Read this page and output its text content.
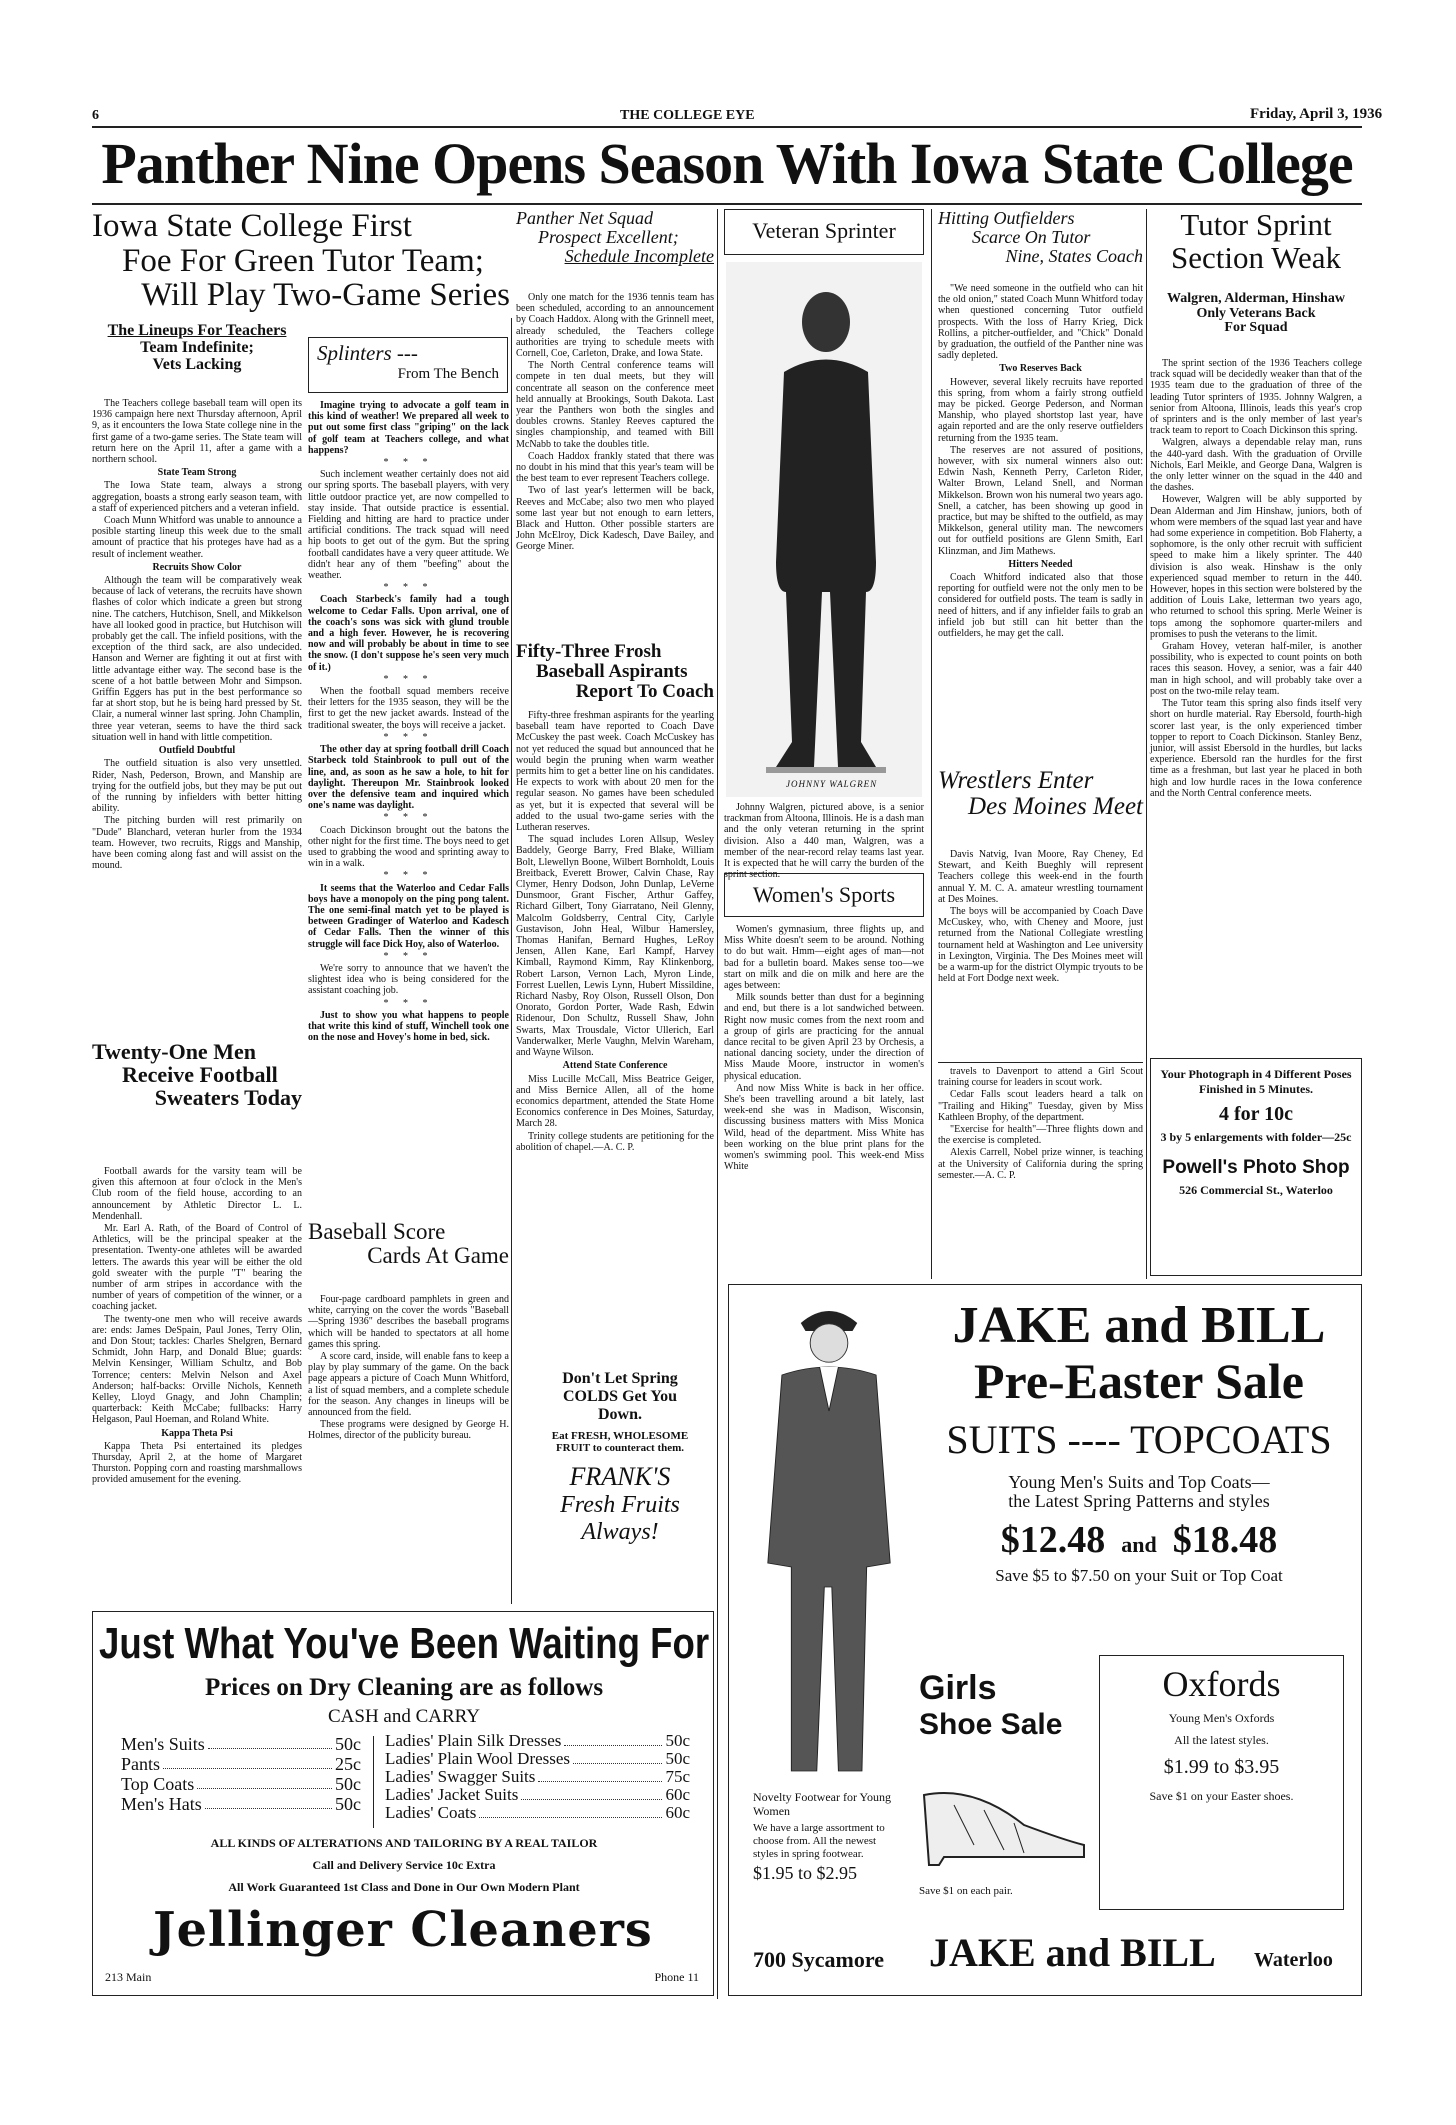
6	THE COLLEGE EYE	Friday, April 3, 1936
Panther Nine Opens Season With Iowa State College
Iowa State College First
Foe For Green Tutor Team;
Will Play Two-Game Series
The Lineups For Teachers
Team Indefinite;
Vets Lacking

The Teachers college baseball team will open its 1936 campaign here next Thursday afternoon, April 9, as it encounters the Iowa State college nine in the first game of a two-game series. The State team will return here on the April 11, after a game with a northern school.

State Team Strong

The Iowa State team, always a strong aggregation, boasts a strong early season team, with a staff of experienced pitchers and a veteran infield.

Coach Munn Whitford was unable to announce a posible starting lineup this week due to the small amount of practice that his proteges have had as a result of inclement weather.

Recruits Show Color

Although the team will be comparatively weak because of lack of veterans, the recruits have shown flashes of color which indicate a green but strong nine. The catchers, Hutchison, Snell, and Mikkelson have all looked good in practice, but Hutchison will probably get the call. The infield positions, with the exception of the third sack, are also undecided. Hanson and Werner are fighting it out at first with little advantage either way. The second base is the scene of a hot battle between Mohr and Simpson. Griffin Eggers has put in the best performance so far at short stop, but he is being hard pressed by St. Clair, a numeral winner last spring. John Champlin, three year veteran, seems to have the third sack situation well in hand with little competition.

Outfield Doubtful

The outfield situation is also very unsettled. Rider, Nash, Pederson, Brown, and Manship are trying for the outfield jobs, but they may be put out of the running by infielders with better hitting ability.

The pitching burden will rest primarily on "Dude" Blanchard, veteran hurler from the 1934 team. However, two recruits, Riggs and Manship, have been coming along fast and will assist on the mound.

Twenty-One Men
Receive Football
Sweaters Today

Football awards for the varsity team will be given this afternoon at four o'clock in the Men's Club room of the field house, according to an announcement by Athletic Director L. L. Mendenhall.

Mr. Earl A. Rath, of the Board of Control of Athletics, will be the principal speaker at the presentation. Twenty-one athletes will be awarded letters. The awards this year will be either the old gold sweater with the purple "T" bearing the number of arm stripes in accordance with the number of years of competition of the winner, or a coaching jacket.

The twenty-one men who will receive awards are: ends: James DeSpain, Paul Jones, Terry Olin, and Don Stout; tackles: Charles Shelgren, Bernard Schmidt, John Harp, and Donald Blue; guards: Melvin Kensinger, William Schultz, and Bob Torrence; centers: Melvin Nelson and Axel Anderson; half-backs: Orville Nichols, Kenneth Kelley, Lloyd Gnagy, and John Champlin; quarterback: Keith McCabe; fullbacks: Harry Helgason, Paul Hoeman, and Roland White.

Kappa Theta Psi

Kappa Theta Psi entertained its pledges Thursday, April 2, at the home of Margaret Thurston. Popping corn and roasting marshmallows provided amusement for the evening.

Splinters ---
From The Bench

Imagine trying to advocate a golf team in this kind of weather! We prepared all week to put out some first class "griping" on the lack of golf team at Teachers college, and what happens?

* * *

Such inclement weather certainly does not aid our spring sports. The baseball players, with very little outdoor practice yet, are now compelled to stay inside. That outside practice is essential. Fielding and hitting are hard to practice under artificial conditions. The track squad will need hip boots to get out of the gym. But the spring football candidates have a very queer attitude. We didn't hear any of them "beefing" about the weather.

* * *

Coach Starbeck's family had a tough welcome to Cedar Falls. Upon arrival, one of the coach's sons was sick with glund trouble and a high fever. However, he is recovering now and will probably be about in time to see the snow. (I don't suppose he's seen very much of it.)

* * *

When the football squad members receive their letters for the 1935 season, they will be the first to get the new jacket awards. Instead of the traditional sweater, the boys will receive a jacket.

* * *

The other day at spring football drill Coach Starbeck told Stainbrook to pull out of the line, and, as soon as he saw a hole, to hit for daylight. Thereupon Mr. Stainbrook looked over the defensive team and inquired which one's name was daylight.

* * *

Coach Dickinson brought out the batons the other night for the first time. The boys need to get used to grabbing the wood and sprinting away to win in a walk.

* * *

It seems that the Waterloo and Cedar Falls boys have a monopoly on the ping pong talent. The one semi-final match yet to be played is between Gradinger of Waterloo and Kadesch of Cedar Falls. Then the winner of this struggle will face Dick Hoy, also of Waterloo.

* * *

We're sorry to announce that we haven't the slightest idea who is being considered for the assistant coaching job.

* * *

Just to show you what happens to people that write this kind of stuff, Winchell took one on the nose and Hovey's home in bed, sick.

Baseball Score
Cards At Game

Four-page cardboard pamphlets in green and white, carrying on the cover the words "Baseball—Spring 1936" describes the baseball programs which will be handed to spectators at all home games this spring.

A score card, inside, will enable fans to keep a play by play summary of the game. On the back page appears a picture of Coach Munn Whitford, a list of squad members, and a complete schedule for the season. Any changes in lineups will be announced from the field.

These programs were designed by George H. Holmes, director of the publicity bureau.

Panther Net Squad
Prospect Excellent;
Schedule Incomplete

Only one match for the 1936 tennis team has been scheduled, according to an announcement by Coach Haddox. Along with the Grinnell meet, already scheduled, the Teachers college authorities are trying to schedule meets with Cornell, Coe, Carleton, Drake, and Iowa State.

The North Central conference teams will compete in ten dual meets, but they will concentrate all season on the conference meet held annually at Brookings, South Dakota. Last year the Panthers won both the singles and doubles crowns. Stanley Reeves captured the singles championship, and teamed with Bill McNabb to take the doubles title.

Coach Haddox frankly stated that there was no doubt in his mind that this year's team will be the best team to ever represent Teachers college.

Two of last year's lettermen will be back, Reeves and McCabe; also two men who played some last year but not enough to earn letters, Black and Hutton. Other possible starters are John McElroy, Dick Kadesch, Dave Bailey, and George Miner.

Fifty-Three Frosh
Baseball Aspirants
Report To Coach

Fifty-three freshman aspirants for the yearling baseball team have reported to Coach Dave McCuskey the past week. Coach McCuskey has not yet reduced the squad but announced that he would begin the pruning when warm weather permits him to get a better line on his candidates. He expects to work with about 20 men for the regular season. No games have been scheduled as yet, but it is expected that several will be added to the usual two-game series with the Lutheran reserves.

The squad includes Loren Allsup, Wesley Baddely, George Barry, Fred Blake, William Bolt, Llewellyn Boone, Wilbert Bornholdt, Louis Breitback, Everett Brower, Calvin Chase, Ray Clymer, Henry Dodson, John Dunlap, LeVerne Dunsmoor, Grant Fischer, Arthur Gaffey, Richard Gilbert, Tony Giarratano, Neil Glenny, Malcolm Goldsberry, Central City, Carlyle Gustavison, John Heal, Wilbur Hamersley, Thomas Hanifan, Bernard Hughes, LeRoy Jensen, Allen Kane, Earl Kampf, Harvey Kimball, Raymond Kimm, Ray Klinkenborg, Robert Larson, Vernon Lach, Myron Linde, Forrest Luellen, Lewis Lynn, Hubert Missildine, Richard Nasby, Roy Olson, Russell Olson, Don Onorato, Gordon Porter, Wade Rash, Edwin Ridenour, Don Schultz, Russell Shaw, John Swarts, Max Trousdale, Victor Ullerich, Earl Vanderwalker, Merle Vaughn, Melvin Wareham, and Wayne Wilson.

Attend State Conference

Miss Lucille McCall, Miss Beatrice Geiger, and Miss Bernice Allen, all of the home economics department, attended the State Home Economics conference in Des Moines, Saturday, March 28.

Trinity college students are petitioning for the abolition of chapel.—A. C. P.

Don't Let Spring
COLDS Get You
Down.
Eat FRESH, WHOLESOME FRUIT to counteract them.
FRANK'S
Fresh Fruits
Always!
Veteran Sprinter
JOHNNY WALGREN

Johnny Walgren, pictured above, is a senior trackman from Altoona, Illinois. He is a dash man and the only veteran returning in the sprint division. Also a 440 man, Walgren, was a member of the near-record relay teams last year. It is expected that he will carry the burden of the sprint section.

Women's Sports

Women's gymnasium, three flights up, and Miss White doesn't seem to be around. Nothing to do but wait. Hmm—eight ages of man—not bad for a bulletin board. Makes sense too—we start on milk and die on milk and here are the ages between:

Milk sounds better than dust for a beginning and end, but there is a lot sandwiched between. Right now music comes from the next room and a group of girls are practicing for the annual dance recital to be given April 23 by Orchesis, a national dancing society, under the direction of Miss Maude Moore, instructor in women's physical education.

And now Miss White is back in her office. She's been travelling around a bit lately, last week-end she was in Madison, Wisconsin, discussing business matters with Miss Monica Wild, head of the department. Miss White has been working on the blue print plans for the women's swimming pool. This week-end Miss White

Hitting Outfielders
Scarce On Tutor
Nine, States Coach

"We need someone in the outfield who can hit the old onion," stated Coach Munn Whitford today when questioned concerning Tutor outfield prospects. With the loss of Harry Krieg, Dick Rollins, a pitcher-outfielder, and "Chick" Donald by graduation, the outfield of the Panther nine was sadly depleted.

Two Reserves Back

However, several likely recruits have reported this spring, from whom a fairly strong outfield may be picked. George Pederson, and Norman Manship, who played shortstop last year, have again reported and are the only reserve outfielders returning from the 1935 team.

The reserves are not assured of positions, however, with six numeral winners also out: Edwin Nash, Kenneth Perry, Carleton Rider, Walter Brown, Leland Snell, and Norman Mikkelson. Brown won his numeral two years ago. Snell, a catcher, has been showing up good in practice, but may be shifted to the outfield, as may Mikkelson, general utility man. The newcomers out for outfield positions are Glenn Smith, Earl Klinzman, and Jim Mathews.

Hitters Needed

Coach Whitford indicated also that those reporting for outfield were not the only men to be considered for outfield posts. The team is sadly in need of hitters, and if any infielder fails to grab an infield job but still can hit better than the outfielders, he may get the call.

Wrestlers Enter
Des Moines Meet

Davis Natvig, Ivan Moore, Ray Cheney, Ed Stewart, and Keith Bueghly will represent Teachers college this week-end in the fourth annual Y. M. C. A. amateur wrestling tournament at Des Moines.

The boys will be accompanied by Coach Dave McCuskey, who, with Cheney and Moore, just returned from the National Collegiate wrestling tournament held at Washington and Lee university in Lexington, Virginia. The Des Moines meet will be a warm-up for the district Olympic tryouts to be held at Fort Dodge next week.

travels to Davenport to attend a Girl Scout training course for leaders in scout work.

Cedar Falls scout leaders heard a talk on "Trailing and Hiking" Tuesday, given by Miss Kathleen Brophy, of the department.

"Exercise for health"—Three flights down and the exercise is completed.

Alexis Carrell, Nobel prize winner, is teaching at the University of California during the spring semester.—A. C. P.

Tutor Sprint
Section Weak
Walgren, Alderman, Hinshaw
Only Veterans Back
For Squad

The sprint section of the 1936 Teachers college track squad will be decidedly weaker than that of the 1935 team due to the graduation of three of the leading Tutor sprinters of 1935. Johnny Walgren, a senior from Altoona, Illinois, leads this year's crop of sprinters and is the only member of last year's track team to report to Coach Dickinson this spring.

Walgren, always a dependable relay man, runs the 440-yard dash. With the graduation of Orville Nichols, Earl Meikle, and George Dana, Walgren is the only letter winner on the squad in the 440 and the dashes.

However, Walgren will be ably supported by Dean Alderman and Jim Hinshaw, juniors, both of whom were members of the squad last year and have had some experience in competition. Bob Flaherty, a sophomore, is the only other recruit with sufficient speed to make him a likely sprinter. The 440 division is also weak. Hinshaw is the only experienced squad member to return in the 440. However, hopes in this section were bolstered by the addition of Louis Lake, letterman two years ago, who returned to school this spring. Merle Weiner is tops among the sophomore quarter-milers and promises to push the veterans to the limit.

Graham Hovey, veteran half-miler, is another possibility, who is expected to count points on both races this season. Hovey, a senior, was a fair 440 man in high school, and will probably take over a post on the two-mile relay team.

The Tutor team this spring also finds itself very short on hurdle material. Ray Ebersold, fourth-high scorer last year, is the only experienced timber topper to report to Coach Dickinson. Stanley Benz, junior, will assist Ebersold in the hurdles, but lacks experience. Ebersold ran the hurdles for the first time as a freshman, but last year he placed in both high and low hurdle races in the Iowa conference and the North Central conference meets.

Your Photograph in 4 Different Poses Finished in 5 Minutes.
4 for 10c
3 by 5 enlargements with folder—25c
Powell's Photo Shop
526 Commercial St., Waterloo
JAKE and BILL
Pre-Easter Sale
SUITS ---- TOPCOATS
Young Men's Suits and Top Coats—
the Latest Spring Patterns and styles
$12.48 and $18.48
Save $5 to $7.50 on your Suit or Top Coat
Girls
Shoe Sale
Novelty Footwear for Young Women
We have a large assortment to choose from. All the newest styles in spring footwear.
$1.95 to $2.95
Save $1 on each pair.
Oxfords
Young Men's Oxfords
All the latest styles.
$1.99 to $3.95
Save $1 on your Easter shoes.
700 Sycamore	JAKE and BILL	Waterloo
Just What You've Been Waiting For
Prices on Dry Cleaning are as follows
CASH and CARRY
Men's Suits	50c
Pants	25c
Top Coats	50c
Men's Hats	50c
Ladies' Plain Silk Dresses	50c
Ladies' Plain Wool Dresses	50c
Ladies' Swagger Suits	75c
Ladies' Jacket Suits	60c
Ladies' Coats	60c
ALL KINDS OF ALTERATIONS AND TAILORING BY A REAL TAILOR
Call and Delivery Service 10c Extra
All Work Guaranteed 1st Class and Done in Our Own Modern Plant
Jellinger Cleaners
213 Main	Phone 11
